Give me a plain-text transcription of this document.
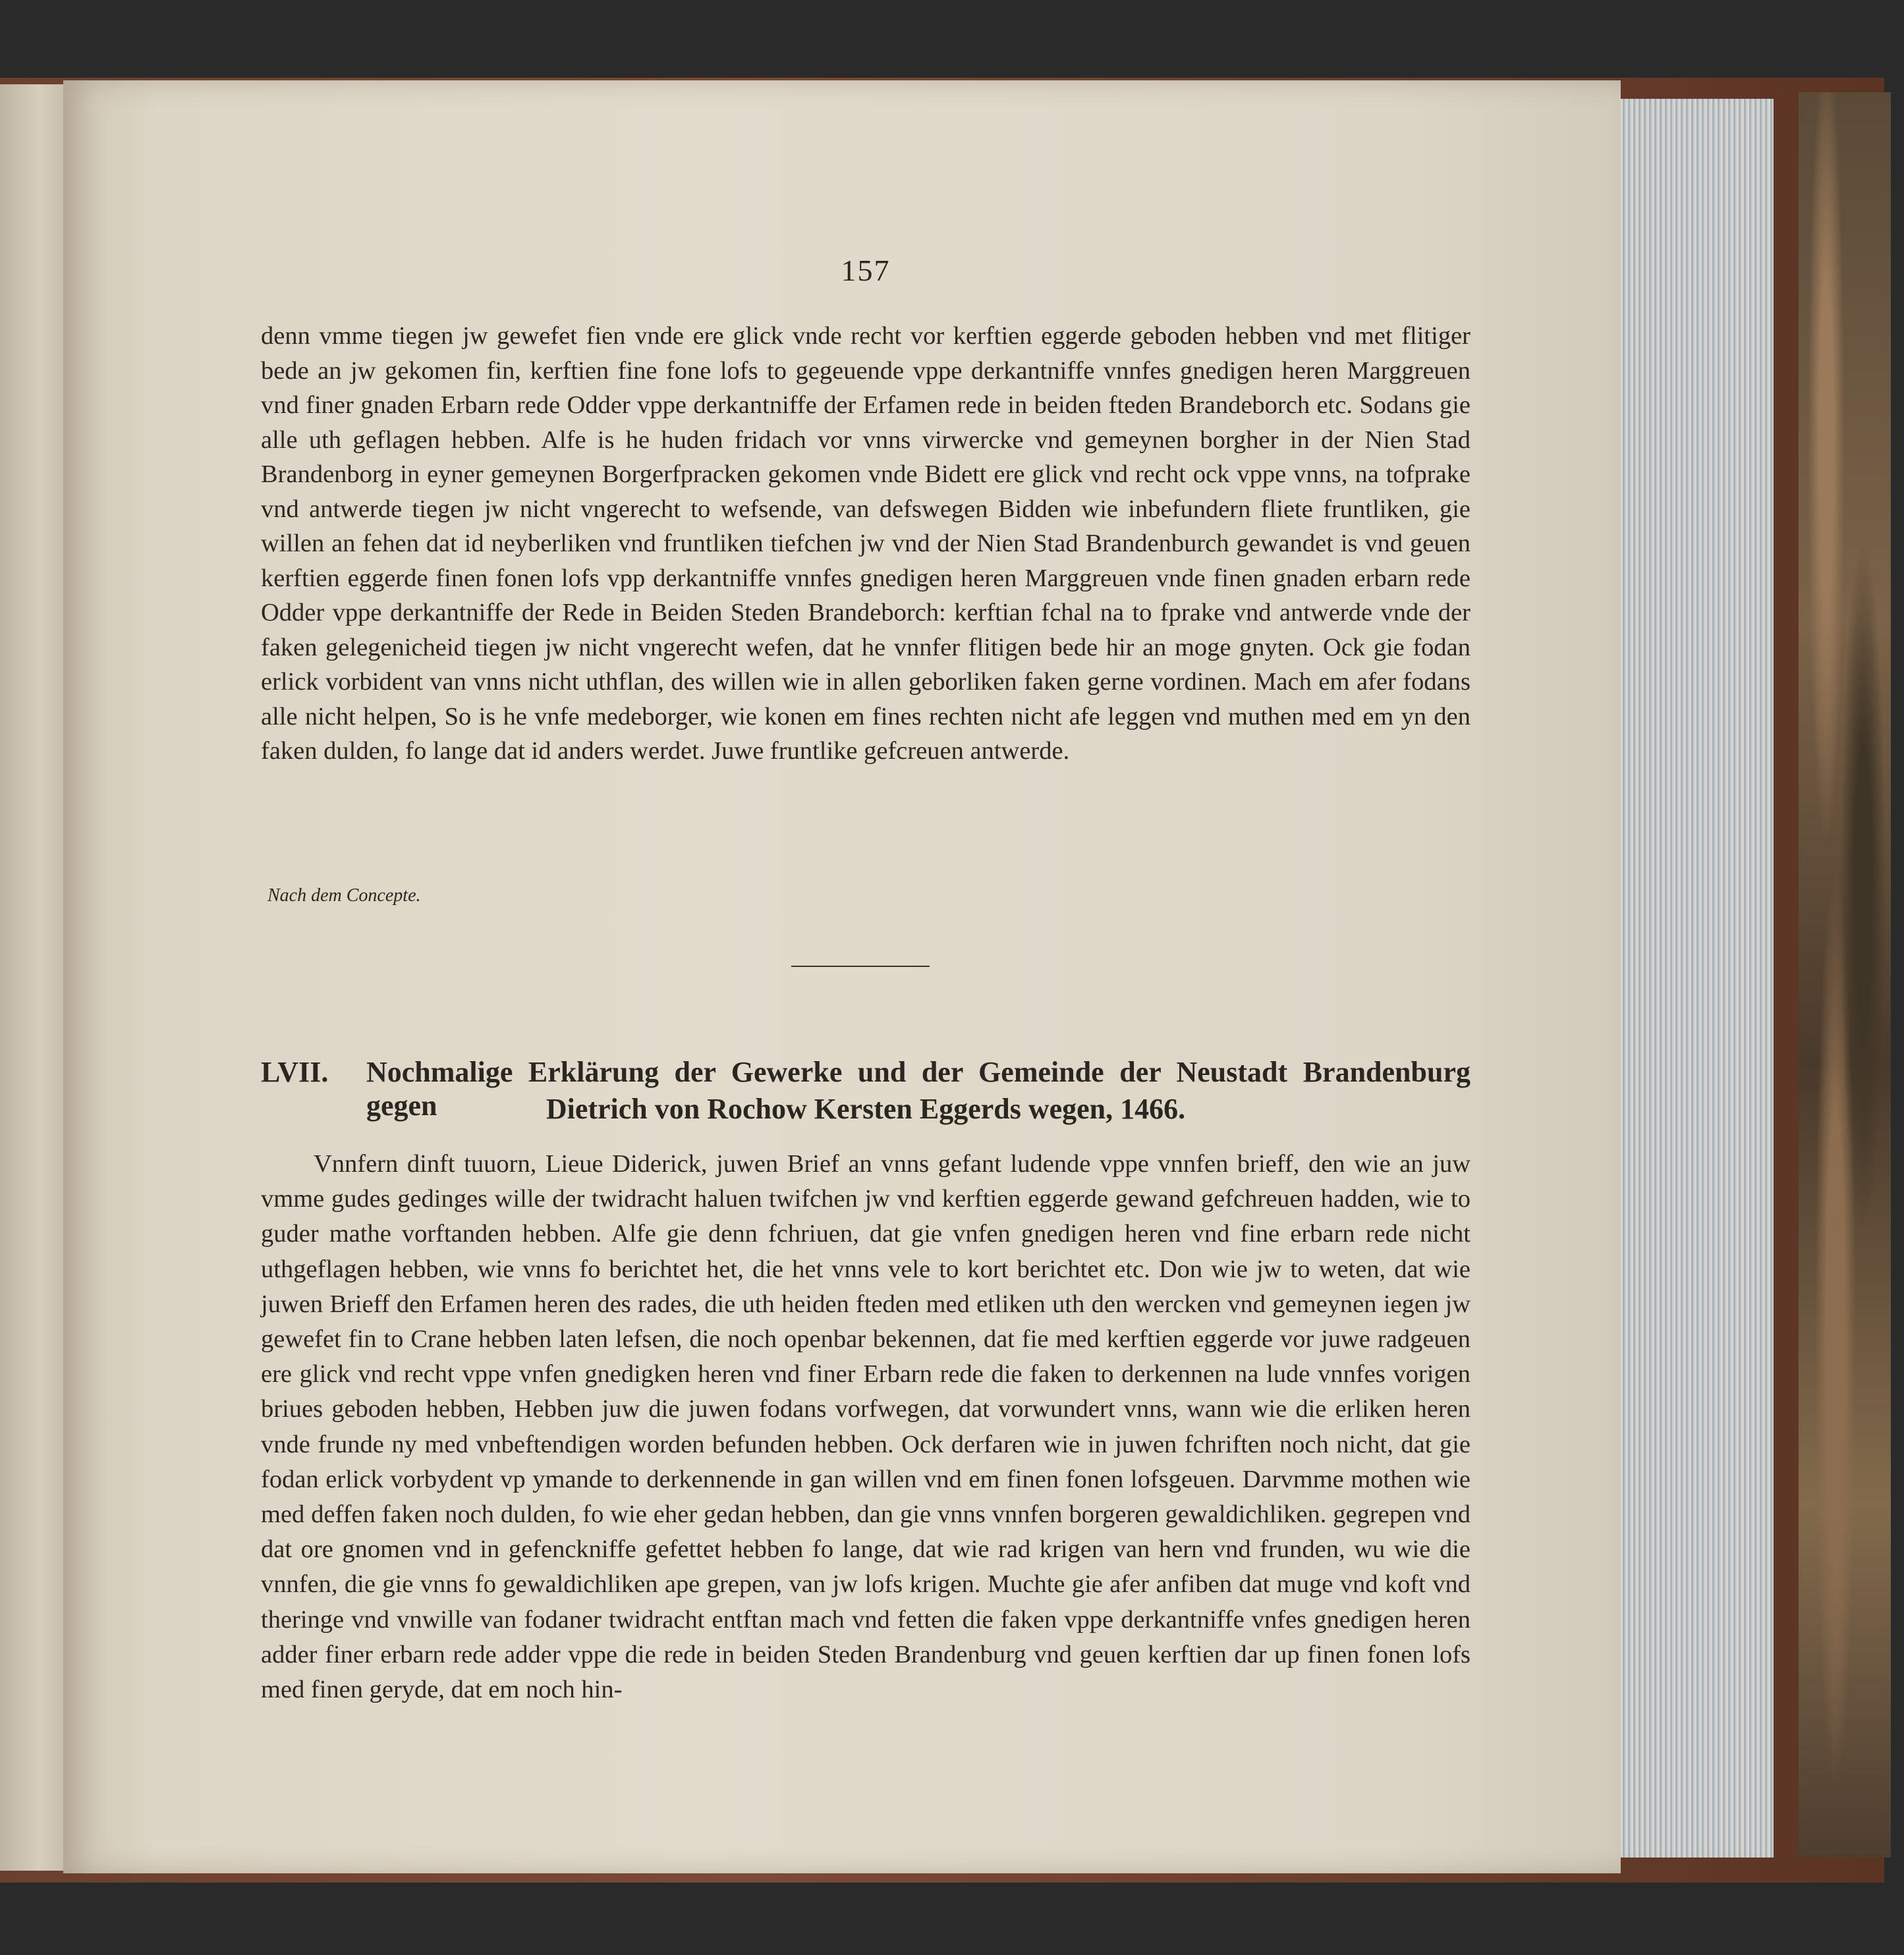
157
denn vmme tiegen jw gewefet fien vnde ere glick vnde recht vor kerftien eggerde geboden hebben vnd met flitiger bede an jw gekomen fin, kerftien fine fone lofs to gegeuende vppe derkantniffe vnnfes gnedigen heren Marggreuen vnd finer gnaden Erbarn rede Odder vppe derkantniffe der Erfamen rede in beiden fteden Brandeborch etc. Sodans gie alle uth geflagen hebben. Alfe is he huden fridach vor vnns virwercke vnd gemeynen borgher in der Nien Stad Brandenborg in eyner gemeynen Borgerfpracken gekomen vnde Bidett ere glick vnd recht ock vppe vnns, na tofprake vnd antwerde tiegen jw nicht vngerecht to wefsende, van defswegen Bidden wie inbefundern fliete fruntliken, gie willen an fehen dat id neyberliken vnd fruntliken tiefchen jw vnd der Nien Stad Brandenburch gewandet is vnd geuen kerftien eggerde finen fonen lofs vpp derkantniffe vnnfes gnedigen heren Marggreuen vnde finen gnaden erbarn rede Odder vppe derkantniffe der Rede in Beiden Steden Brandeborch: kerftian fchal na to fprake vnd antwerde vnde der faken gelegenicheid tiegen jw nicht vngerecht wefen, dat he vnnfer flitigen bede hir an moge gnyten. Ock gie fodan erlick vorbident van vnns nicht uthflan, des willen wie in allen geborliken faken gerne vordinen. Mach em afer fodans alle nicht helpen, So is he vnfe medeborger, wie konen em fines rechten nicht afe leggen vnd muthen med em yn den faken dulden, fo lange dat id anders werdet. Juwe fruntlike gefcreuen antwerde.
Nach dem Concepte.
LVII. Nochmalige Erklärung der Gewerke und der Gemeinde der Neustadt Brandenburg gegen	Dietrich von Rochow Kersten Eggerds wegen, 1466.
Vnnfern dinft tuuorn, Lieue Diderick, juwen Brief an vnns gefant ludende vppe vnnfen brieff, den wie an juw vmme gudes gedinges wille der twidracht haluen twifchen jw vnd kerftien eggerde gewand gefchreuen hadden, wie to guder mathe vorftanden hebben. Alfe gie denn fchriuen, dat gie vnfen gnedigen heren vnd fine erbarn rede nicht uthgeflagen hebben, wie vnns fo berichtet het, die het vnns vele to kort berichtet etc. Don wie jw to weten, dat wie juwen Brieff den Erfamen heren des rades, die uth heiden fteden med etliken uth den wercken vnd gemeynen iegen jw gewefet fin to Crane hebben laten lefsen, die noch openbar bekennen, dat fie med kerftien eggerde vor juwe radgeuen ere glick vnd recht vppe vnfen gnedigken heren vnd finer Erbarn rede die faken to derkennen na lude vnnfes vorigen briues geboden hebben, Hebben juw die juwen fodans vorfwegen, dat vorwundert vnns, wann wie die erliken heren vnde frunde ny med vnbeftendigen worden befunden hebben. Ock derfaren wie in juwen fchriften noch nicht, dat gie fodan erlick vorbydent vp ymande to derkennende in gan willen vnd em finen fonen lofsgeuen. Darvmme mothen wie med deffen faken noch dulden, fo wie eher gedan hebben, dan gie vnns vnnfen borgeren gewaldichliken. gegrepen vnd dat ore gnomen vnd in gefenckniffe gefettet hebben fo lange, dat wie rad krigen van hern vnd frunden, wu wie die vnnfen, die gie vnns fo gewaldichliken ape grepen, van jw lofs krigen. Muchte gie afer anfiben dat muge vnd koft vnd theringe vnd vnwille van fodaner twidracht entftan mach vnd fetten die faken vppe derkantniffe vnfes gnedigen heren adder finer erbarn rede adder vppe die rede in beiden Steden Brandenburg vnd geuen kerftien dar up finen fonen lofs med finen geryde, dat em noch hin-
